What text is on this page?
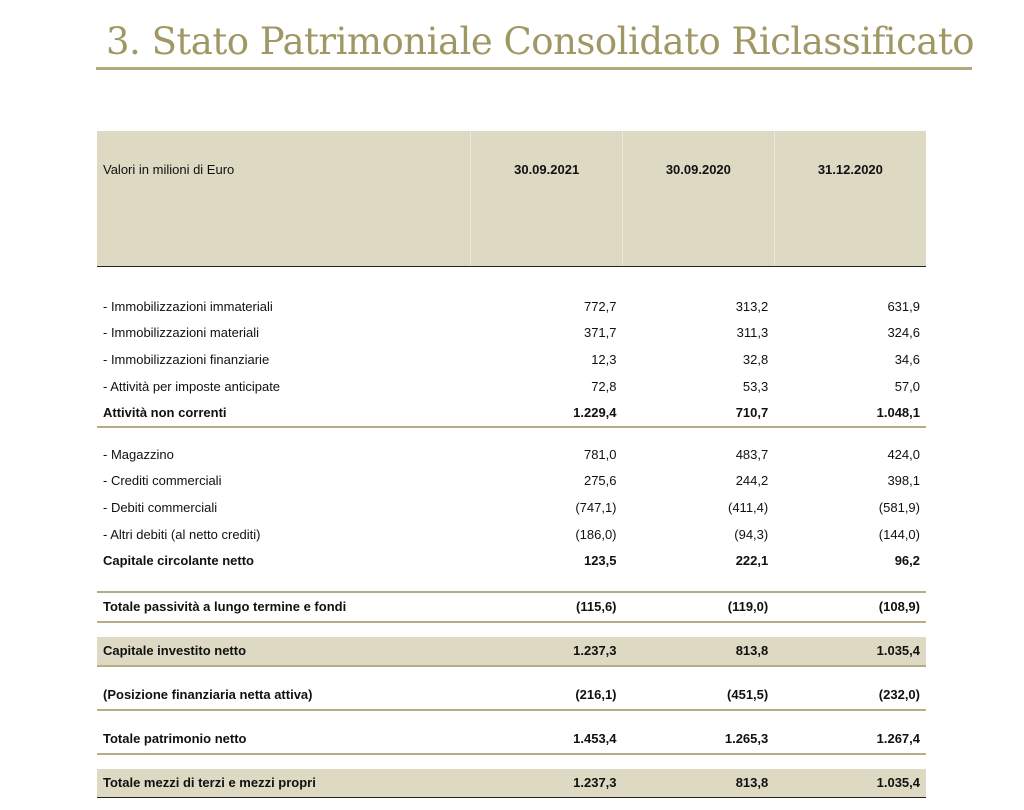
3. Stato Patrimoniale Consolidato Riclassificato
Valori in milioni di Euro	30.09.2021	30.09.2020	31.12.2020

- Immobilizzazioni immateriali	772,7	313,2	631,9
- Immobilizzazioni materiali	371,7	311,3	324,6
- Immobilizzazioni finanziarie	12,3	32,8	34,6
- Attività per imposte anticipate	72,8	53,3	57,0
Attività non correnti	1.229,4	710,7	1.048,1

- Magazzino	781,0	483,7	424,0
- Crediti commerciali	275,6	244,2	398,1
- Debiti commerciali	(747,1)	(411,4)	(581,9)
- Altri debiti (al netto crediti)	(186,0)	(94,3)	(144,0)
Capitale circolante netto	123,5	222,1	96,2

Totale passività a lungo termine e fondi	(115,6)	(119,0)	(108,9)

Capitale investito netto	1.237,3	813,8	1.035,4

(Posizione finanziaria netta attiva)	(216,1)	(451,5)	(232,0)

Totale patrimonio netto	1.453,4	1.265,3	1.267,4

Totale mezzi di terzi e mezzi propri	1.237,3	813,8	1.035,4
